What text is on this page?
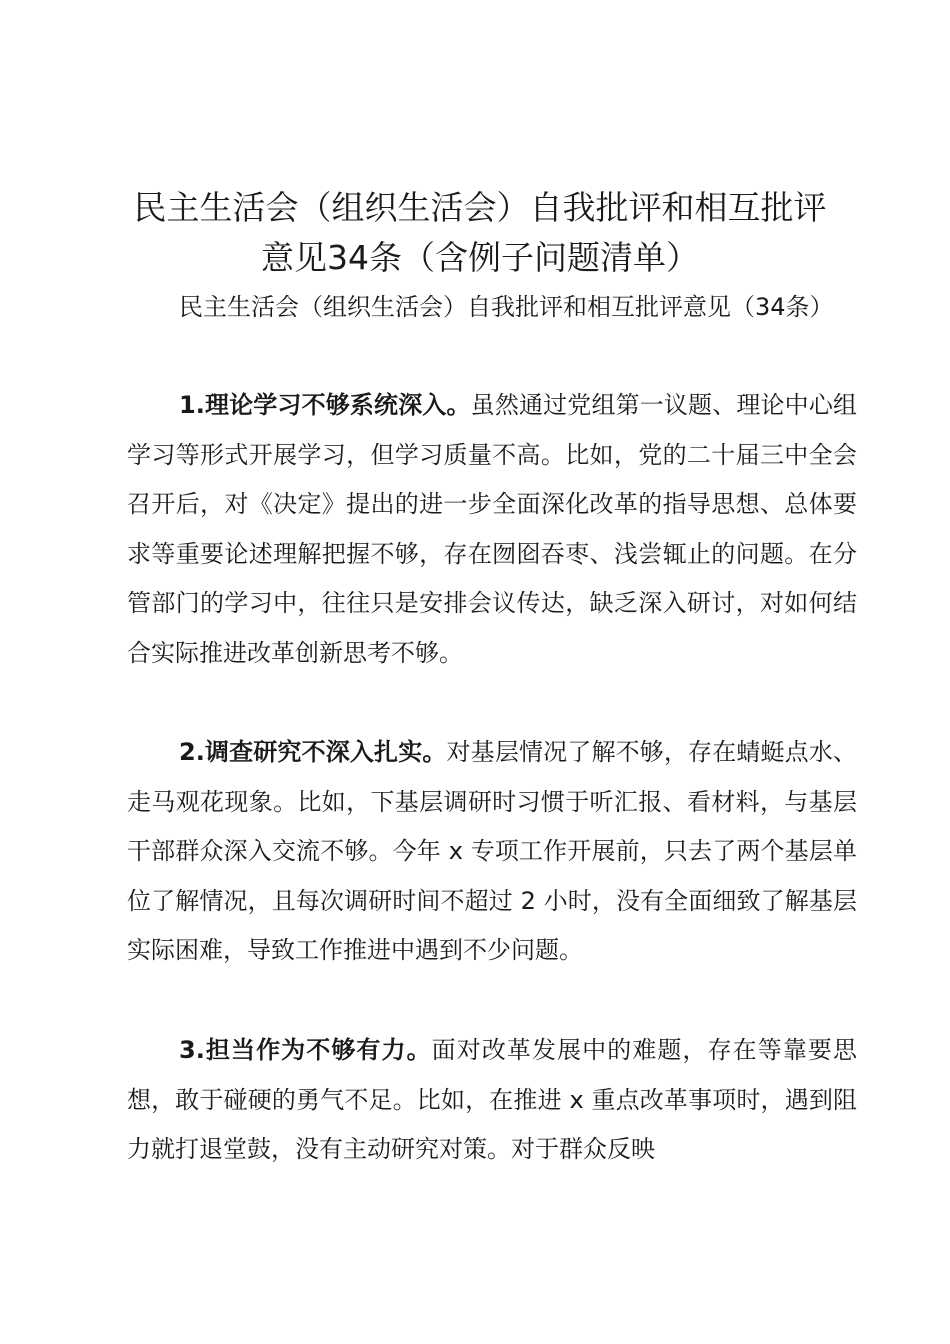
民主生活会（组织生活会）自我批评和相互批评意见34条（含例子问题清单）

民主生活会（组织生活会）自我批评和相互批评意见（34条）

1.理论学习不够系统深入。虽然通过党组第一议题、理论中心组学习等形式开展学习，但学习质量不高。比如，党的二十届三中全会召开后，对《决定》提出的进一步全面深化改革的指导思想、总体要求等重要论述理解把握不够，存在囫囵吞枣、浅尝辄止的问题。在分管部门的学习中，往往只是安排会议传达，缺乏深入研讨，对如何结合实际推进改革创新思考不够。

2.调查研究不深入扎实。对基层情况了解不够，存在蜻蜓点水、走马观花现象。比如，下基层调研时习惯于听汇报、看材料，与基层干部群众深入交流不够。今年 x 专项工作开展前，只去了两个基层单位了解情况，且每次调研时间不超过 2 小时，没有全面细致了解基层实际困难，导致工作推进中遇到不少问题。

3.担当作为不够有力。面对改革发展中的难题，存在等靠要思想，敢于碰硬的勇气不足。比如，在推进 x 重点改革事项时，遇到阻力就打退堂鼓，没有主动研究对策。对于群众反映
